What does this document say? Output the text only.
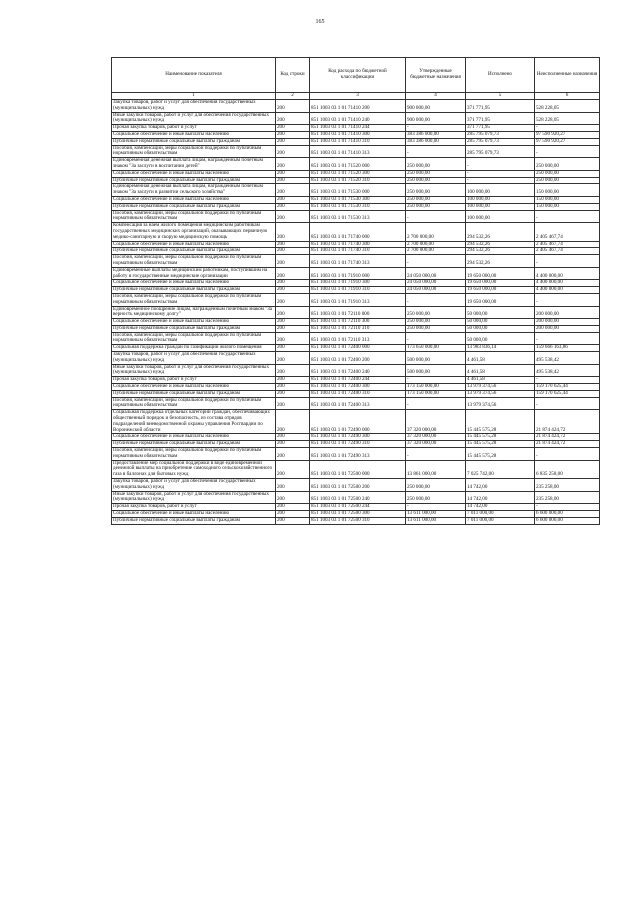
165
Наименование показателя	Код строки	Код расхода по бюджетной классификации	Утвержденные бюджетные назначения	Исполнено	Неисполненные назначения
1	2	3	4	5	6
Закупка товаров, работ и услуг для обеспечения государственных (муниципальных) нужд	200	851 1003 03 1 01 71410 200	900 000,00	371 771,95	528 228,05
Иные закупки товаров, работ и услуг для обеспечения государственных (муниципальных) нужд	200	851 1003 03 1 01 71410 240	900 000,00	371 771,95	528 228,05
Прочая закупка товаров, работ и услуг	200	851 1003 03 1 01 71410 244	-	371 771,95	-
Социальное обеспечение и иные выплаты населению	200	851 1003 03 1 01 71410 300	383 386 000,00	285 795 079,73	97 590 920,27
Публичные нормативные социальные выплаты гражданам	200	851 1003 03 1 01 71410 310	383 386 000,00	285 795 079,73	97 590 920,27
Пособия, компенсации, меры социальной поддержки по публичным нормативным обязательствам	200	851 1003 03 1 01 71410 313	-	285 795 079,73	-
Единовременная денежная выплата лицам, награжденным почетным знаком "За заслуги в воспитании детей"	200	851 1003 03 1 01 71520 000	250 000,00	-	250 000,00
Социальное обеспечение и иные выплаты населению	200	851 1003 03 1 01 71520 300	250 000,00	-	250 000,00
Публичные нормативные социальные выплаты гражданам	200	851 1003 03 1 01 71520 310	250 000,00	-	250 000,00
Единовременная денежная выплата лицам, награжденным почетным знаком "За заслуги в развитии сельского хозяйства"	200	851 1003 03 1 01 71530 000	250 000,00	100 000,00	150 000,00
Социальное обеспечение и иные выплаты населению	200	851 1003 03 1 01 71530 300	250 000,00	100 000,00	150 000,00
Публичные нормативные социальные выплаты гражданам	200	851 1003 03 1 01 71530 310	250 000,00	100 000,00	150 000,00
Пособия, компенсации, меры социальной поддержки по публичным нормативным обязательствам	200	851 1003 03 1 01 71530 313	-	100 000,00	-
Компенсация за наем жилого помещения медицинским работникам государственных медицинских организаций, оказывающих первичную медико-санитарную и скорую медицинскую помощь	200	851 1003 03 1 01 71740 000	2 700 000,00	294 532,26	2 405 467,74
Социальное обеспечение и иные выплаты населению	200	851 1003 03 1 01 71740 300	2 700 000,00	294 532,26	2 405 467,74
Публичные нормативные социальные выплаты гражданам	200	851 1003 03 1 01 71740 310	2 700 000,00	294 532,26	2 405 467,74
Пособия, компенсации, меры социальной поддержки по публичным нормативным обязательствам	200	851 1003 03 1 01 71740 313	-	294 532,26	-
Единовременные выплаты медицинским работникам, поступившим на работу в государственные медицинские организации	200	851 1003 03 1 01 71910 000	24 050 000,00	19 650 000,00	4 400 000,00
Социальное обеспечение и иные выплаты населению	200	851 1003 03 1 01 71910 300	24 050 000,00	19 650 000,00	4 400 000,00
Публичные нормативные социальные выплаты гражданам	200	851 1003 03 1 01 71910 310	24 050 000,00	19 650 000,00	4 400 000,00
Пособия, компенсации, меры социальной поддержки по публичным нормативным обязательствам	200	851 1003 03 1 01 71910 313	-	19 650 000,00	-
Единовременное поощрение лицам, награжденным почетным знаком "За верность медицинскому долгу"	200	851 1003 03 1 01 72110 000	250 000,00	50 000,00	200 000,00
Социальное обеспечение и иные выплаты населению	200	851 1003 03 1 01 72110 300	250 000,00	50 000,00	200 000,00
Публичные нормативные социальные выплаты гражданам	200	851 1003 03 1 01 72110 310	250 000,00	50 000,00	200 000,00
Пособия, компенсации, меры социальной поддержки по публичным нормативным обязательствам	200	851 1003 03 1 01 72110 313	-	50 000,00	-
Социальная поддержка граждан по газификации жилого помещения	200	851 1003 03 1 01 72400 000	173 650 000,00	13 983 836,14	159 666 163,86
Закупка товаров, работ и услуг для обеспечения государственных (муниципальных) нужд	200	851 1003 03 1 01 72400 200	500 000,00	4 461,58	495 538,42
Иные закупки товаров, работ и услуг для обеспечения государственных (муниципальных) нужд	200	851 1003 03 1 01 72400 240	500 000,00	4 461,58	495 538,42
Прочая закупка товаров, работ и услуг	200	851 1003 03 1 01 72400 244	-	4 461,58	-
Социальное обеспечение и иные выплаты населению	200	851 1003 03 1 01 72400 300	173 150 000,00	13 979 374,56	159 170 625,44
Публичные нормативные социальные выплаты гражданам	200	851 1003 03 1 01 72400 310	173 150 000,00	13 979 374,56	159 170 625,44
Пособия, компенсации, меры социальной поддержки по публичным нормативным обязательствам	200	851 1003 03 1 01 72400 313	-	13 979 374,56	-
Социальная поддержка отдельных категорий граждан, обеспечивающих общественный порядок и безопасность, из состава отрядов подразделений вневедомственной охраны управления Росгвардии по Воронежской области	200	851 1003 03 1 01 72490 000	37 320 000,00	15 445 575,28	21 874 424,72
Социальное обеспечение и иные выплаты населению	200	851 1003 03 1 01 72490 300	37 320 000,00	15 445 575,28	21 874 424,72
Публичные нормативные социальные выплаты гражданам	200	851 1003 03 1 01 72490 310	37 320 000,00	15 445 575,28	21 874 424,72
Пособия, компенсации, меры социальной поддержки по публичным нормативным обязательствам	200	851 1003 03 1 01 72490 313	-	15 445 575,28	-
Предоставление мер социальной поддержки в виде единовременной денежной выплаты на приобретение самоходного сельскохозяйственного газа в баллонах для бытовых нужд	200	851 1003 03 1 01 72500 000	13 861 000,00	7 025 742,00	6 835 258,00
Закупка товаров, работ и услуг для обеспечения государственных (муниципальных) нужд	200	851 1003 03 1 01 72500 200	250 000,00	14 742,00	235 258,00
Иные закупки товаров, работ и услуг для обеспечения государственных (муниципальных) нужд	200	851 1003 03 1 01 72500 240	250 000,00	14 742,00	235 258,00
Прочая закупка товаров, работ и услуг	200	851 1003 03 1 01 72500 244	-	14 742,00	-
Социальное обеспечение и иные выплаты населению	200	851 1003 03 1 01 72500 300	13 611 000,00	7 011 000,00	6 600 000,00
Публичные нормативные социальные выплаты гражданам	200	851 1003 03 1 01 72500 310	13 611 000,00	7 011 000,00	6 600 000,00
